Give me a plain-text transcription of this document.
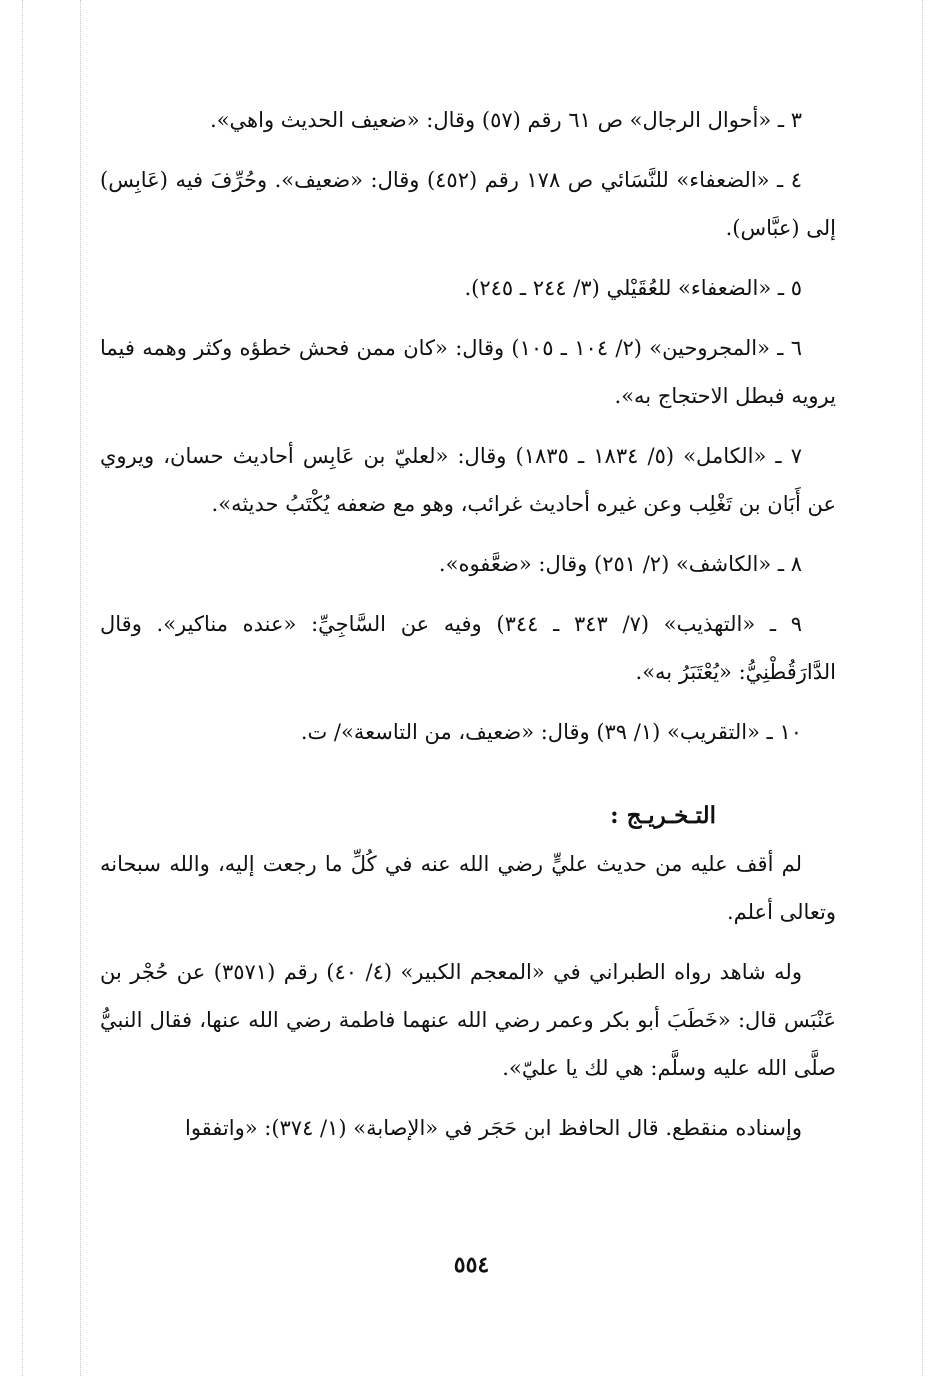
٣ ـ «أحوال الرجال» ص ٦١ رقم (٥٧) وقال: «ضعيف الحديث واهي».

٤ ـ «الضعفاء» للنَّسَائي ص ١٧٨ رقم (٤٥٢) وقال: «ضعيف». وحُرِّفَ فيه (عَابِس) إلى (عبَّاس).

٥ ـ «الضعفاء» للعُقَيْلي (٣/ ٢٤٤ ـ ٢٤٥).

٦ ـ «المجروحين» (٢/ ١٠٤ ـ ١٠٥) وقال: «كان ممن فحش خطؤه وكثر وهمه فيما يرويه فبطل الاحتجاج به».

٧ ـ «الكامل» (٥/ ١٨٣٤ ـ ١٨٣٥) وقال: «لعليّ بن عَابِس أحاديث حسان، ويروي عن أَبَان بن تَغْلِب وعن غيره أحاديث غرائب، وهو مع ضعفه يُكْتَبُ حديثه».

٨ ـ «الكاشف» (٢/ ٢٥١) وقال: «ضعَّفوه».

٩ ـ «التهذيب» (٧/ ٣٤٣ ـ ٣٤٤) وفيه عن السَّاجِيِّ: «عنده مناكير». وقال الدَّارَقُطْنِيُّ: «يُعْتَبَرُ به».

١٠ ـ «التقريب» (١/ ٣٩) وقال: «ضعيف، من التاسعة»/ ت.

التـخـريـج :

لم أقف عليه من حديث عليٍّ رضي الله عنه في كُلِّ ما رجعت إليه، والله سبحانه وتعالى أعلم.

وله شاهد رواه الطبراني في «المعجم الكبير» (٤/ ٤٠) رقم (٣٥٧١) عن حُجْر بن عَنْبَس قال: «خَطَبَ أبو بكر وعمر رضي الله عنهما فاطمة رضي الله عنها، فقال النبيُّ صلَّى الله عليه وسلَّم: هي لك يا عليّ».

وإسناده منقطع. قال الحافظ ابن حَجَر في «الإصابة» (١/ ٣٧٤): «واتفقوا

٥٥٤
